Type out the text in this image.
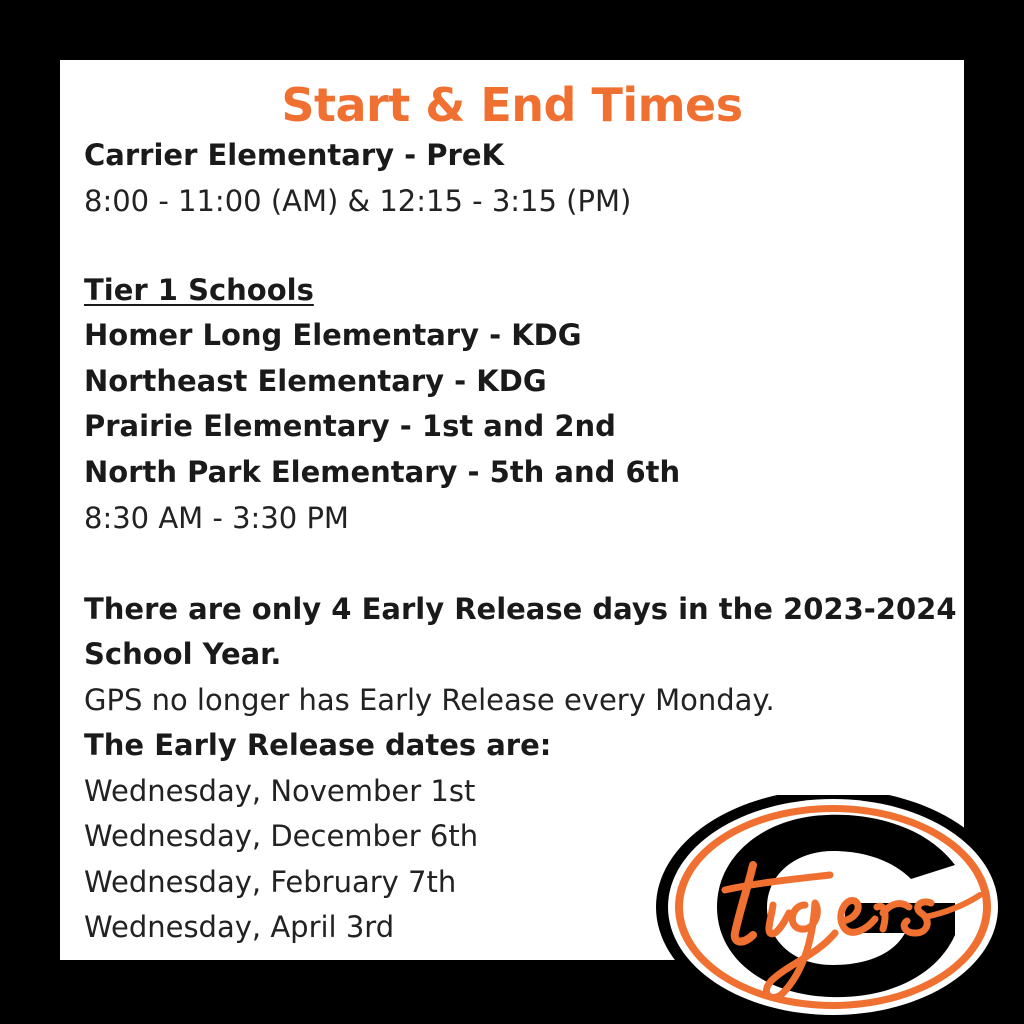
Start & End Times
Carrier Elementary - PreK
8:00 - 11:00 (AM) & 12:15 - 3:15 (PM)
Tier 1 Schools
Homer Long Elementary - KDG
Northeast Elementary - KDG
Prairie Elementary - 1st and 2nd
North Park Elementary - 5th and 6th
8:30 AM - 3:30 PM
There are only 4 Early Release days in the 2023-2024
School Year.
GPS no longer has Early Release every Monday.
The Early Release dates are:
Wednesday, November 1st
Wednesday, December 6th
Wednesday, February 7th
Wednesday, April 3rd
tigers
